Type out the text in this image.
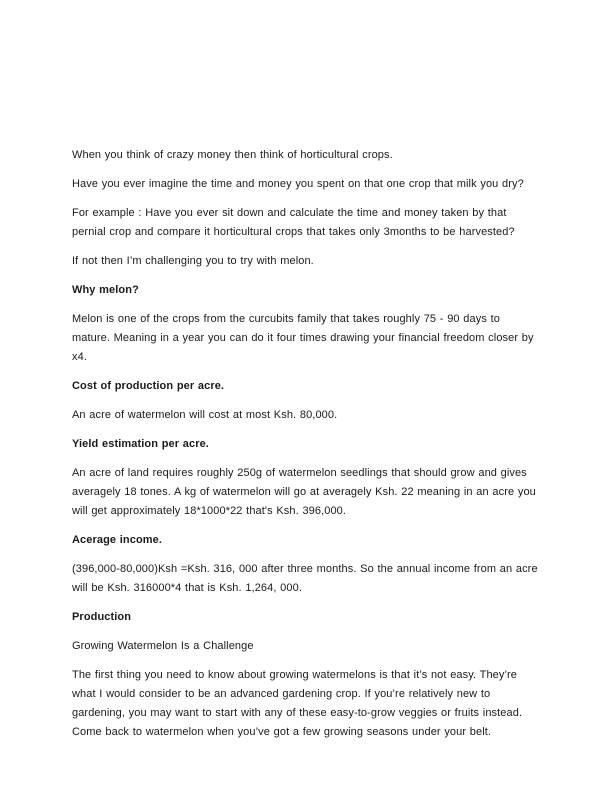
When you think of crazy money then think of horticultural crops.

Have you ever imagine the time and money you spent on that one crop that milk you dry?

For example : Have you ever sit down and calculate the time and money taken by that pernial crop and compare it horticultural crops that takes only 3months to be harvested?

If not then I’m challenging you to try with melon.

Why melon?

Melon is one of the crops from the curcubits family that takes roughly 75 - 90 days to mature. Meaning in a year you can do it four times drawing your financial freedom closer by x4.

Cost of production per acre.

An acre of watermelon will cost at most Ksh. 80,000.

Yield estimation per acre.

An acre of land requires roughly 250g of watermelon seedlings that should grow and gives averagely 18 tones. A kg of watermelon will go at averagely Ksh. 22 meaning in an acre you will get approximately 18*1000*22 that's Ksh. 396,000.

Acerage income.

(396,000-80,000)Ksh =Ksh. 316, 000 after three months. So the annual income from an acre will be Ksh. 316000*4 that is Ksh. 1,264, 000.

Production

Growing Watermelon Is a Challenge

The first thing you need to know about growing watermelons is that it’s not easy. They’re what I would consider to be an advanced gardening crop. If you’re relatively new to gardening, you may want to start with any of these easy-to-grow veggies or fruits instead. Come back to watermelon when you’ve got a few growing seasons under your belt.
